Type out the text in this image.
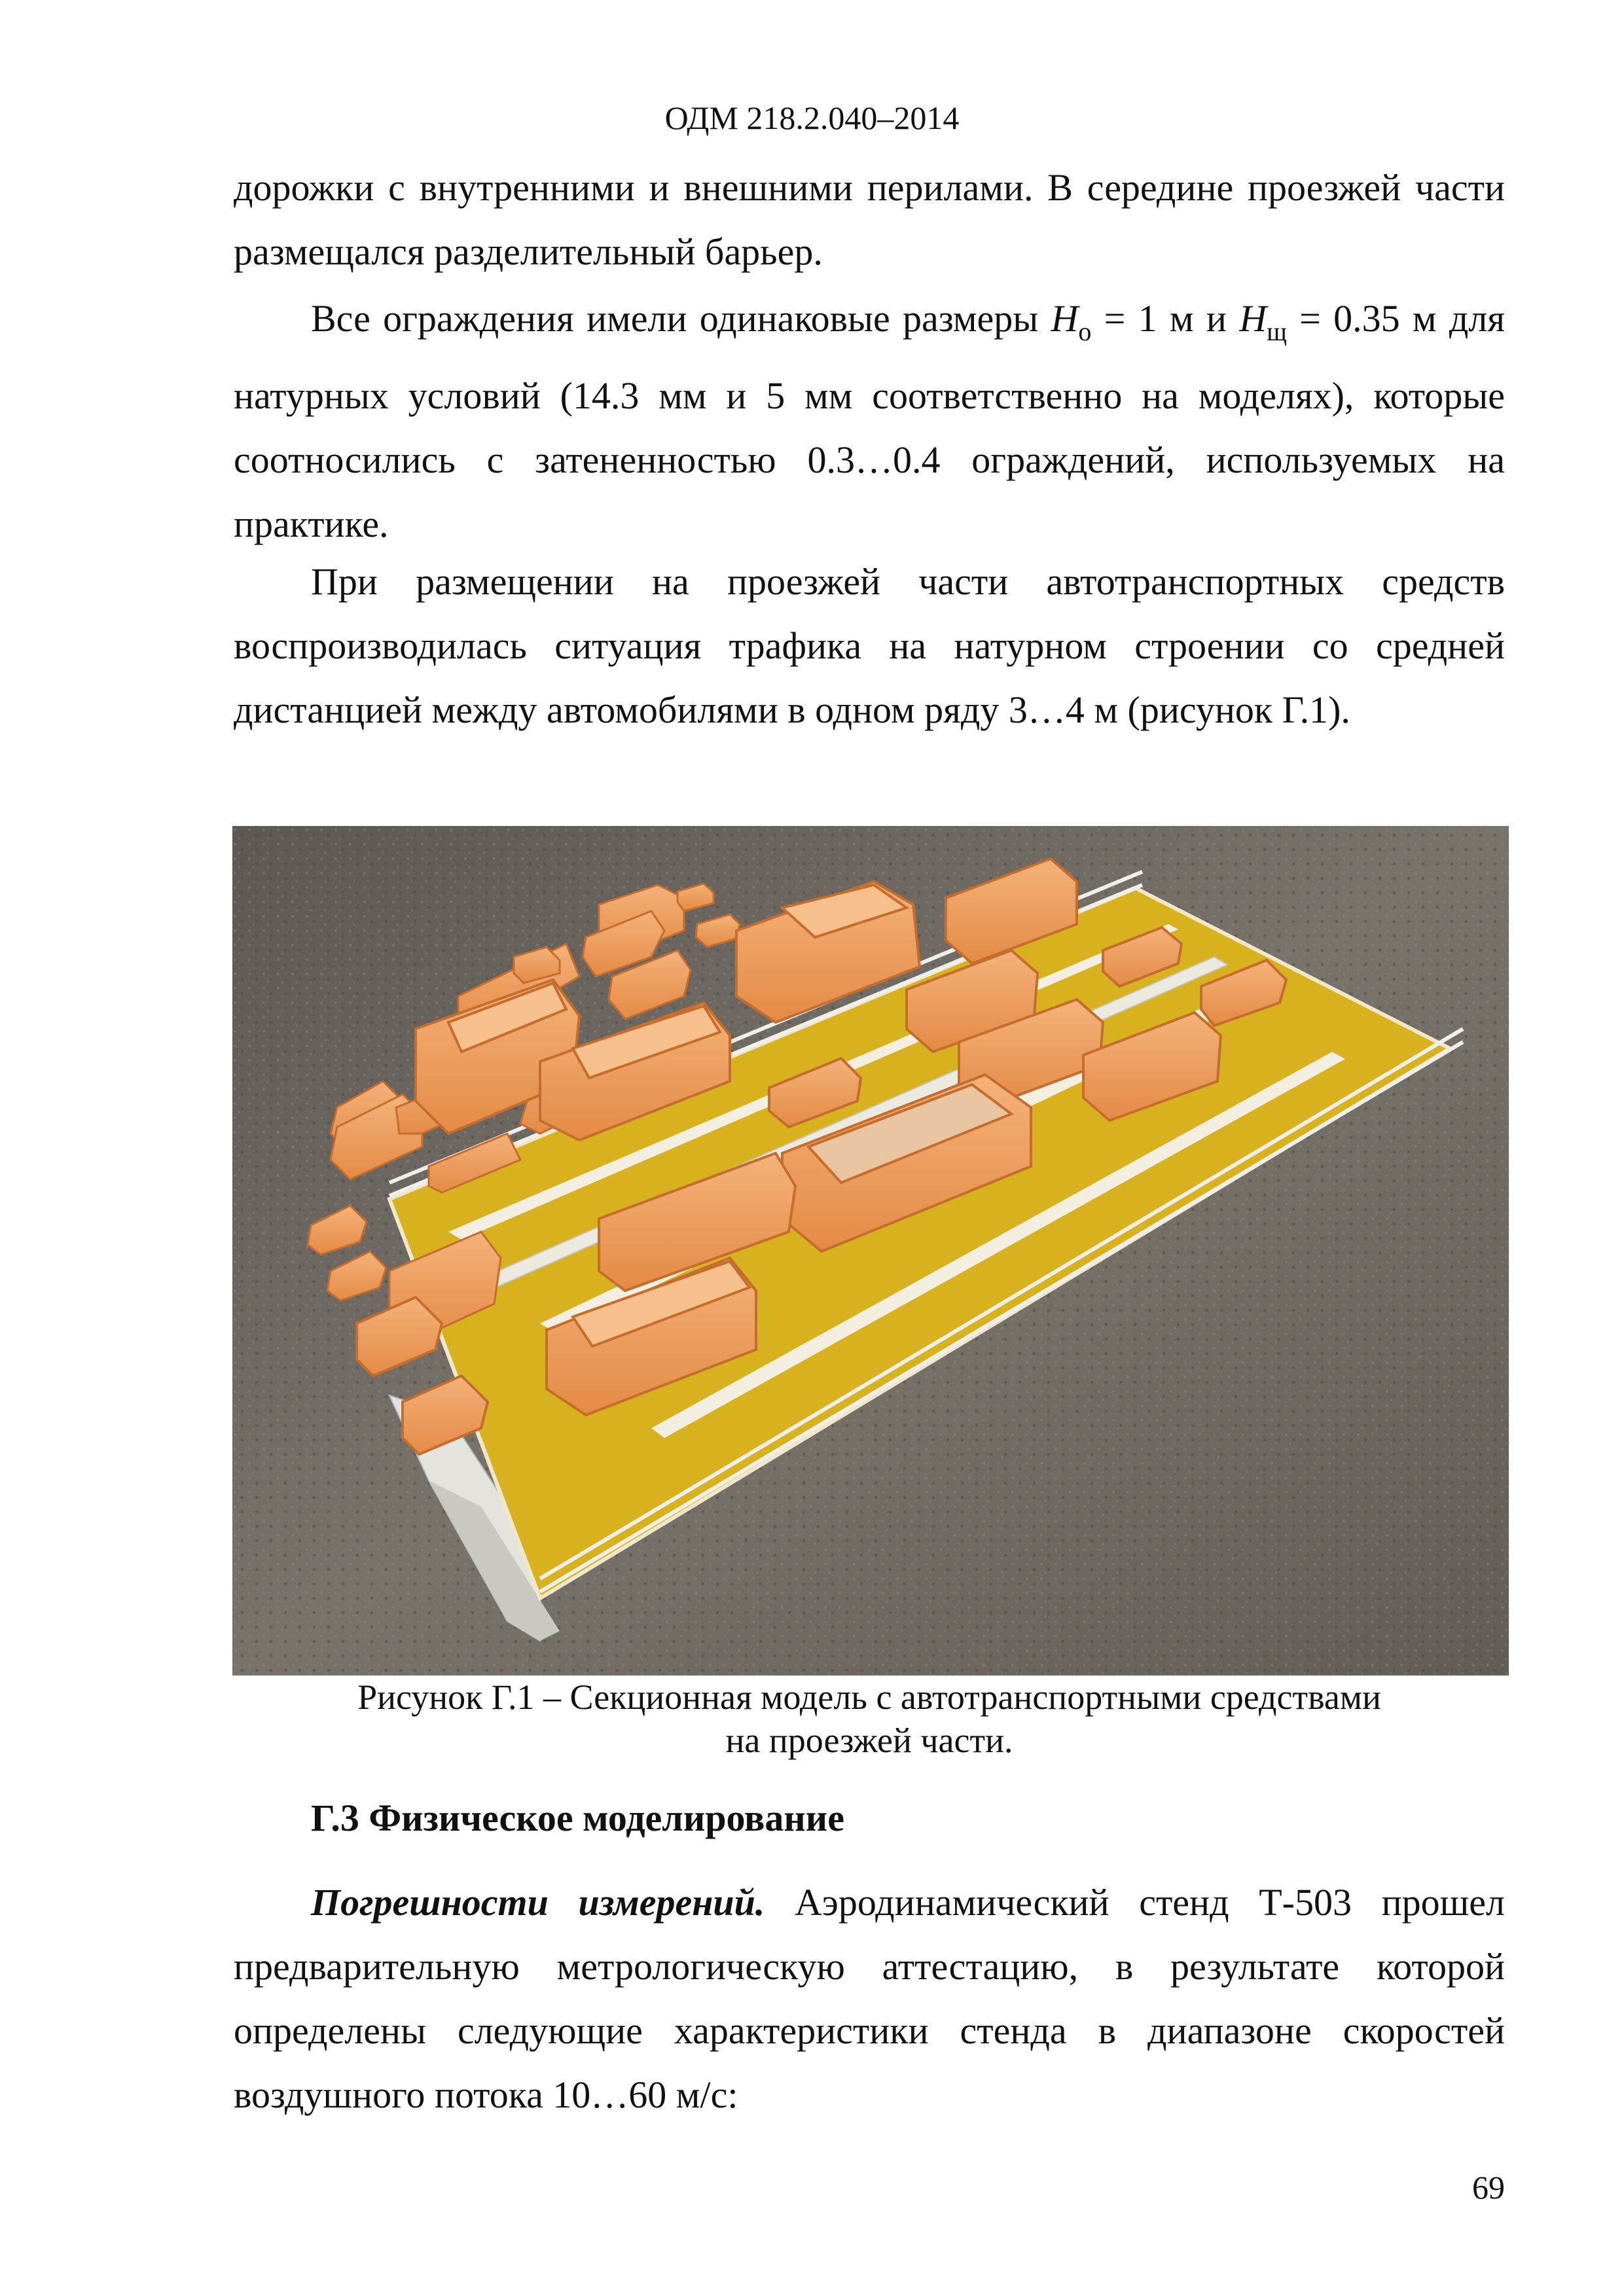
ОДМ 218.2.040–2014

дорожки с внутренними и внешними перилами. В середине проезжей части размещался разделительный барьер.

Все ограждения имели одинаковые размеры $H_o = 1$ м и $H_щ = 0.35$ м для натурных условий (14.3 мм и 5 мм соответственно на моделях), которые соотносились с затененностью 0.3…0.4 ограждений, используемых на практике.

При размещении на проезжей части автотранспортных средств воспроизводилась ситуация трафика на натурном строении со средней дистанцией между автомобилями в одном ряду 3…4 м (рисунок Г.1).

Рисунок Г.1 – Секционная модель с автотранспортными средствами
на проезжей части.
Г.3 Физическое моделирование

Погрешности измерений. Аэродинамический стенд Т-503 прошел предварительную метрологическую аттестацию, в результате которой определены следующие характеристики стенда в диапазоне скоростей воздушного потока 10…60 м/с:

69
